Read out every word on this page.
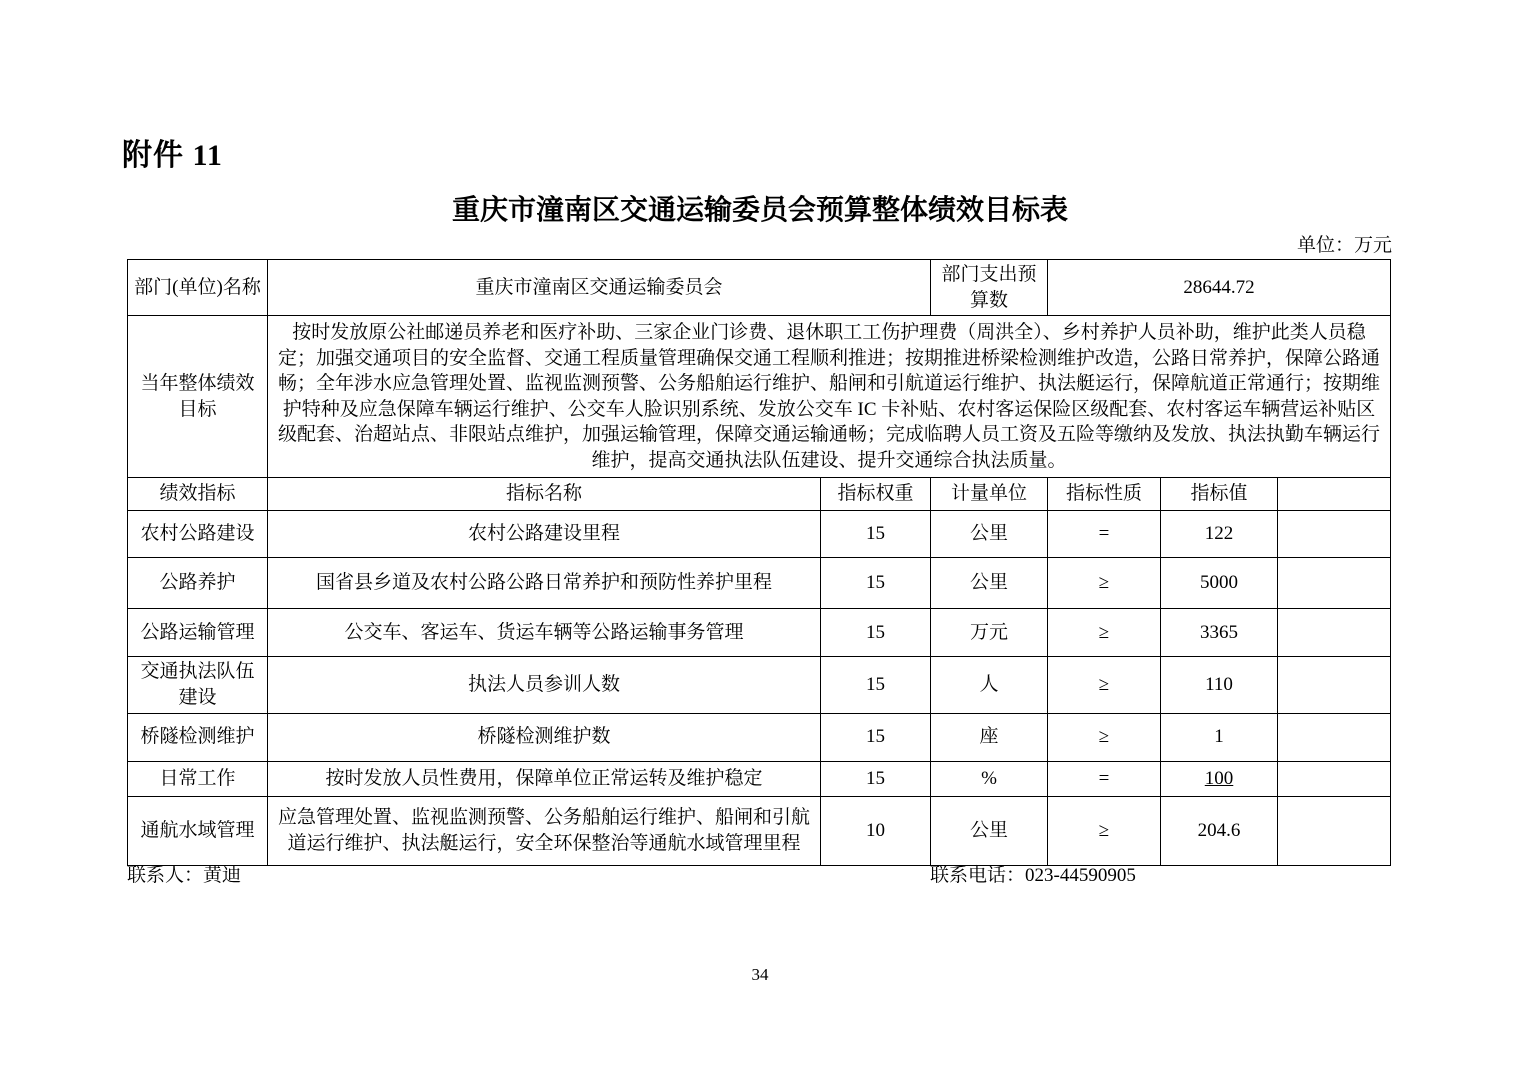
附件 11
重庆市潼南区交通运输委员会预算整体绩效目标表
单位：万元
部门(单位)名称	重庆市潼南区交通运输委员会		部门支出预算数	28644.72		
当年整体绩效目标	按时发放原公社邮递员养老和医疗补助、三家企业门诊费、退休职工工伤护理费（周洪全）、乡村养护人员补助，维护此类人员稳定；加强交通项目的安全监督、交通工程质量管理确保交通工程顺利推进；按期推进桥梁检测维护改造，公路日常养护，保障公路通畅；全年涉水应急管理处置、监视监测预警、公务船舶运行维护、船闸和引航道运行维护、执法艇运行，保障航道正常通行；按期维护特种及应急保障车辆运行维护、公交车人脸识别系统、发放公交车 IC 卡补贴、农村客运保险区级配套、农村客运车辆营运补贴区级配套、治超站点、非限站点维护，加强运输管理，保障交通运输通畅；完成临聘人员工资及五险等缴纳及发放、执法执勤车辆运行维护，提高交通执法队伍建设、提升交通综合执法质量。					
绩效指标	指标名称	指标权重	计量单位	指标性质	指标值	
农村公路建设	农村公路建设里程	15	公里	=	122	
公路养护	国省县乡道及农村公路公路日常养护和预防性养护里程	15	公里	≥	5000	
公路运输管理	公交车、客运车、货运车辆等公路运输事务管理	15	万元	≥	3365	
交通执法队伍建设	执法人员参训人数	15	人	≥	110	
桥隧检测维护	桥隧检测维护数	15	座	≥	1	
日常工作	按时发放人员性费用，保障单位正常运转及维护稳定	15	%	=	100	
通航水域管理	应急管理处置、监视监测预警、公务船舶运行维护、船闸和引航道运行维护、执法艇运行，安全环保整治等通航水域管理里程	10	公里	≥	204.6	
联系人：黄迪	联系电话：023-44590905
34
